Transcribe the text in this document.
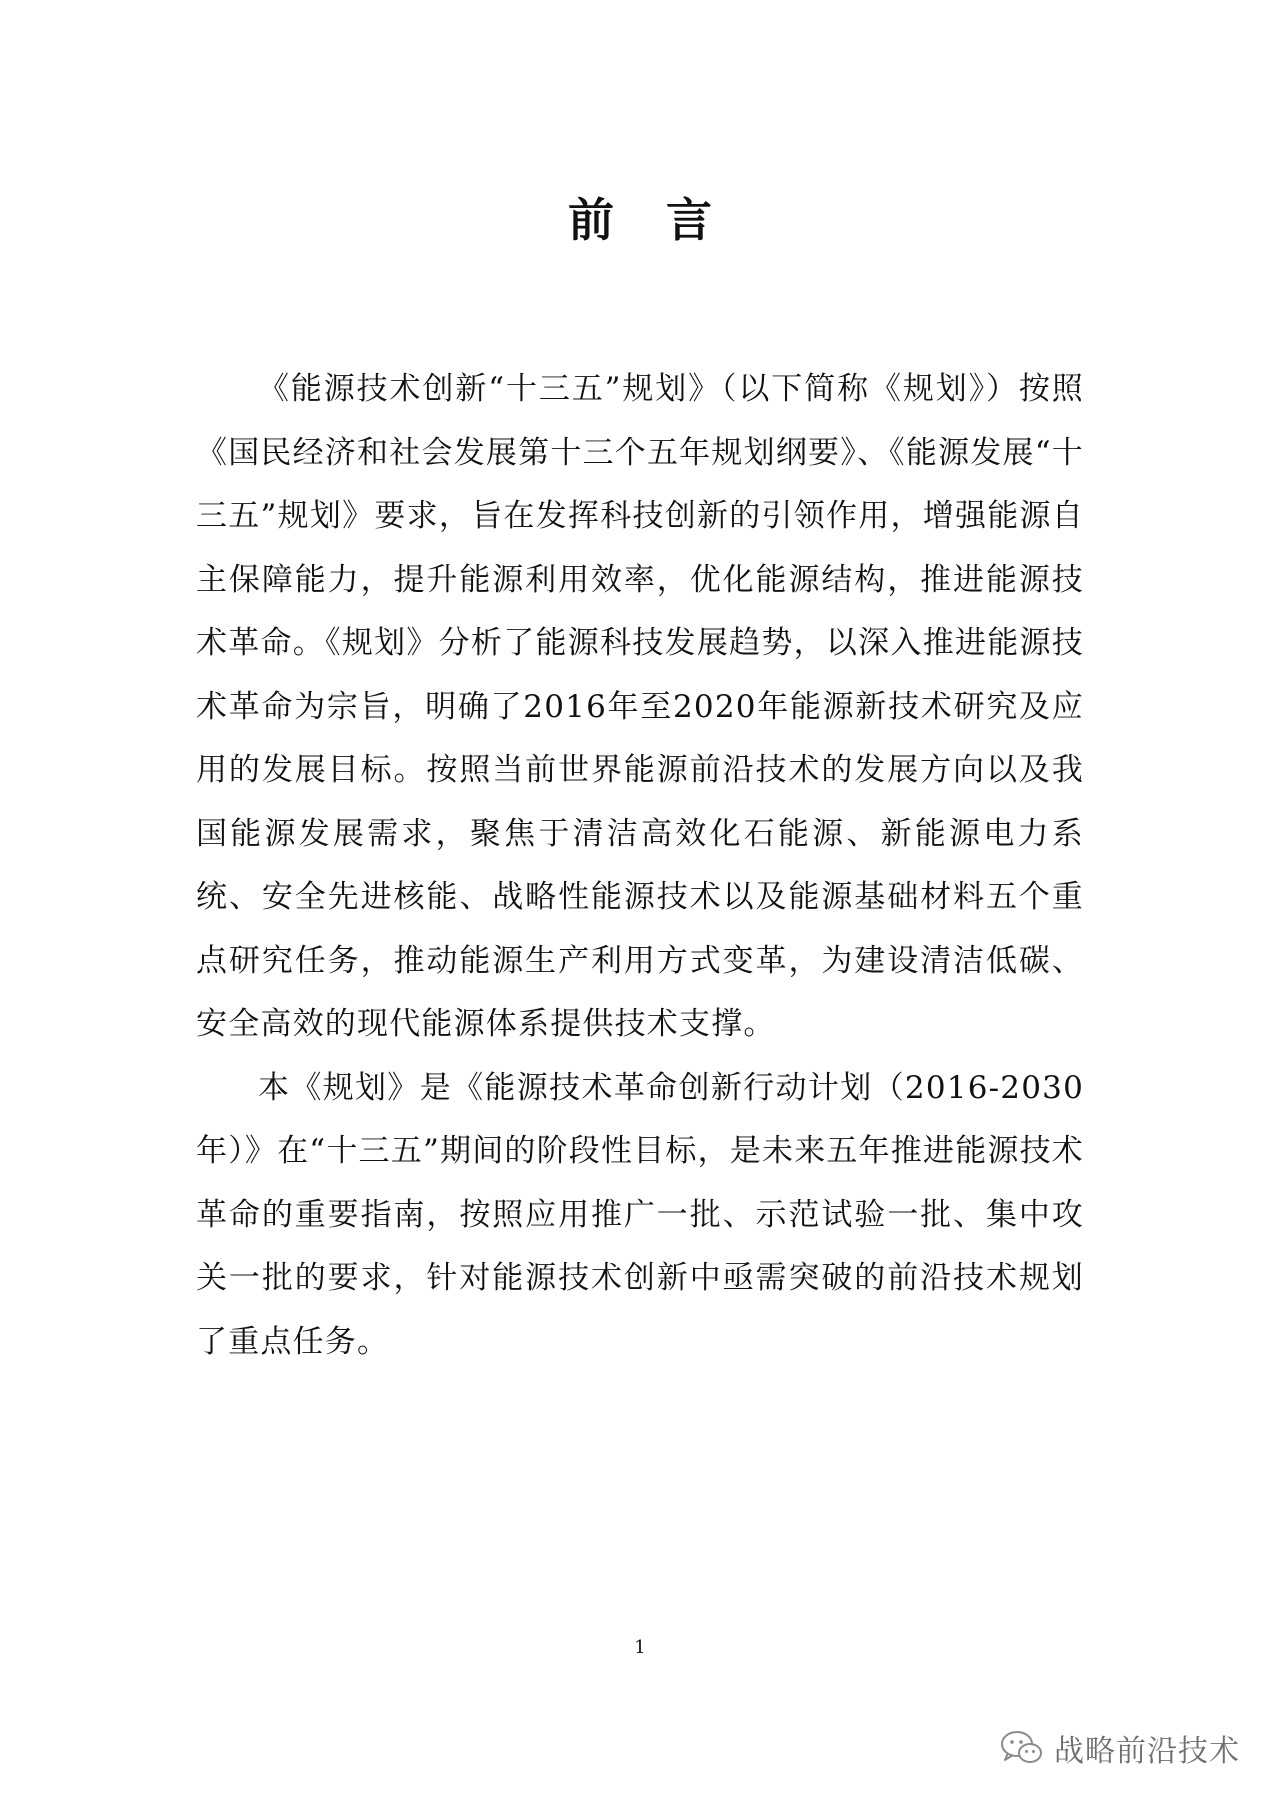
前言

《能源技术创新“十三五”规划》（以下简称《规划》）按照《国民经济和社会发展第十三个五年规划纲要》、《能源发展“十三五”规划》要求，旨在发挥科技创新的引领作用，增强能源自主保障能力，提升能源利用效率，优化能源结构，推进能源技术革命。《规划》分析了能源科技发展趋势，以深入推进能源技术革命为宗旨，明确了2016年至2020年能源新技术研究及应用的发展目标。按照当前世界能源前沿技术的发展方向以及我国能源发展需求，聚焦于清洁高效化石能源、新能源电力系统、安全先进核能、战略性能源技术以及能源基础材料五个重点研究任务，推动能源生产利用方式变革，为建设清洁低碳、安全高效的现代能源体系提供技术支撑。

本《规划》是《能源技术革命创新行动计划（2016-2030年）》在“十三五”期间的阶段性目标，是未来五年推进能源技术革命的重要指南，按照应用推广一批、示范试验一批、集中攻关一批的要求，针对能源技术创新中亟需突破的前沿技术规划了重点任务。

1
战略前沿技术
